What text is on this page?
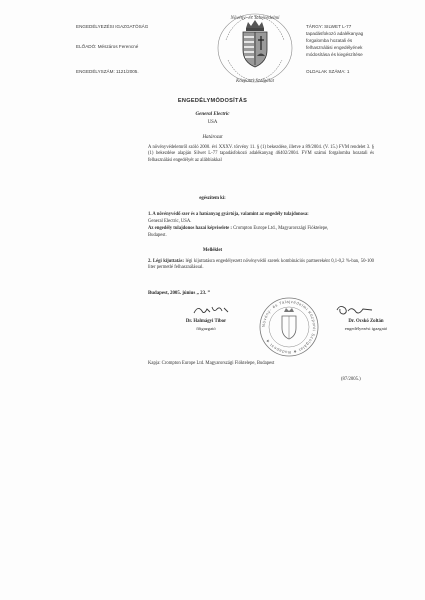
ENGEDÉLYEZÉSI IGAZGATÓSÁG
ELŐADÓ: Mészáros Ferencné
ENGEDÉLYSZÁM: 1121/2005.
Növény- és Talajvédelmi
Központi Szolgálat
TÁRGY: SILWET L-77
tapadásfokozó adalékanyag
forgalomba hozatali és
felhasználási engedélyének
módosítása és kiegészítése
OLDALAK SZÁMA: 1
ENGEDÉLYMÓDOSÍTÁS
General Electric
USA
Határozat
A növényvédelemről szóló 2000. évi XXXV. törvény 11. § (1) bekezdése, illetve a 89/2004. (V. 15.) FVM rendelet 3. § (1) bekezdése alapján Silwet L-77 tapadásfokozó adalékanyag 46402/2004. FVM számú forgalomba hozatali és felhasználási engedélyét az alábbiakkal
egészítem ki:
1. A növényvédő szer és a hatóanyag gyártója, valamint az engedély tulajdonosa:
General Electric, USA.
Az engedély tulajdonos hazai képviselete : Crompton Europe Ltd., Magyarországi Fióktelepe,
Budapest.
Melléklet
2. Légi kijuttatás: légi kijuttatásra engedélyezett növényvédő szerek kombinációs partnereként 0,1-0,2 %-ban, 50-100 liter permetlé felhasználással.
Budapest, 2005. június „ 23. ”
Dr. Halmágyi Tibor
főigazgató
Növény- és Talajvédelmi Központi Szolgálat ★ Budapest ★
Dr. Ocskó Zoltán
engedélyezési igazgató
Kapja: Crompton Europe Ltd. Magyarországi Fióktelepe, Budapest
(87/2005.)
